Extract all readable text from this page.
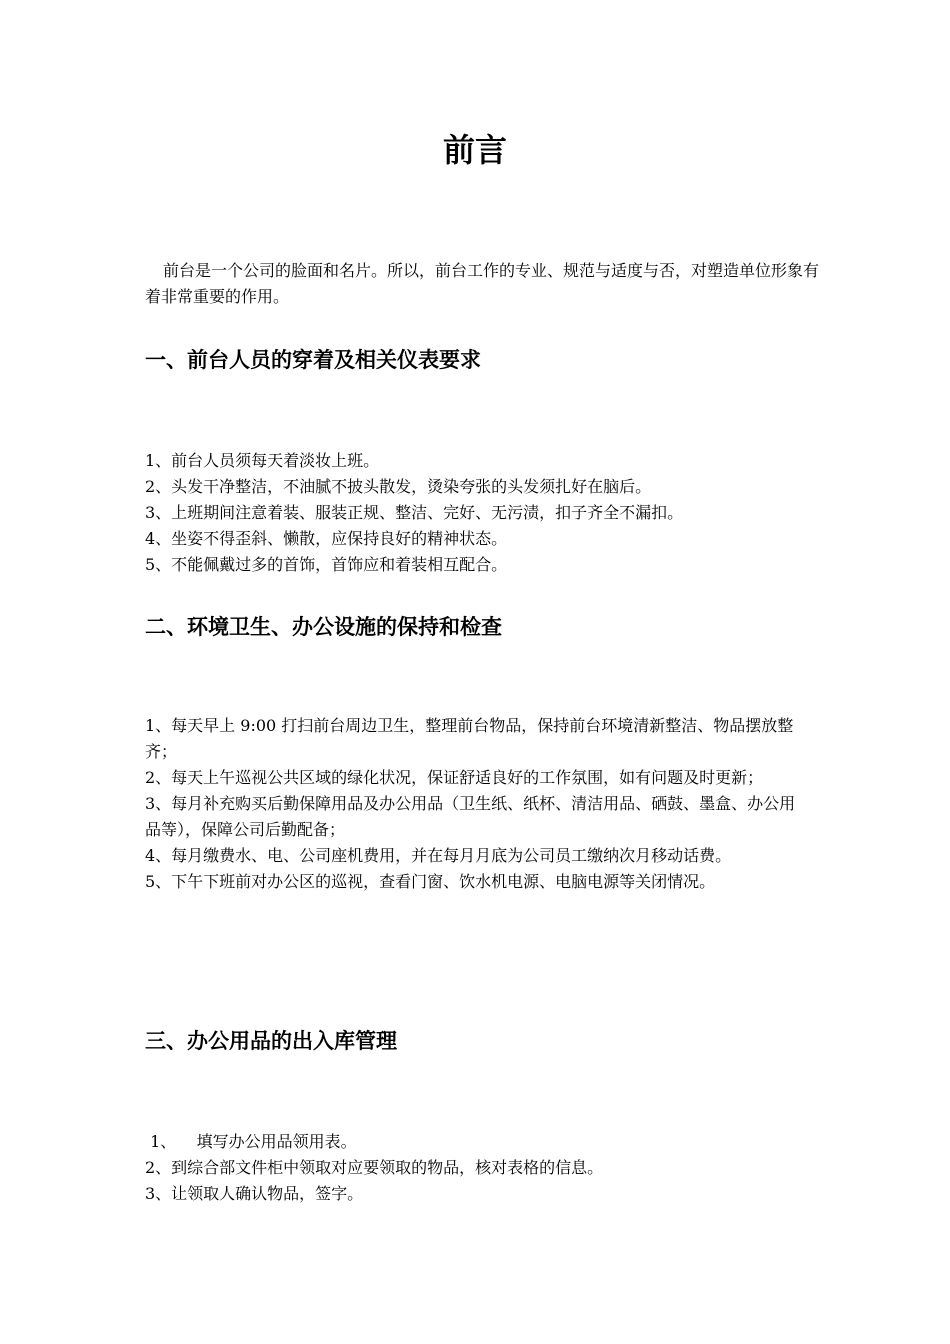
前言
前台是一个公司的脸面和名片。所以，前台工作的专业、规范与适度与否，对塑造单位形象有着非常重要的作用。
一、前台人员的穿着及相关仪表要求
1、前台人员须每天着淡妆上班。
2、头发干净整洁，不油腻不披头散发，烫染夸张的头发须扎好在脑后。
3、上班期间注意着装、服装正规、整洁、完好、无污渍，扣子齐全不漏扣。
4、坐姿不得歪斜、懒散，应保持良好的精神状态。
5、不能佩戴过多的首饰，首饰应和着装相互配合。
二、环境卫生、办公设施的保持和检查
1、每天早上 9:00 打扫前台周边卫生，整理前台物品，保持前台环境清新整洁、物品摆放整齐；
2、每天上午巡视公共区域的绿化状况，保证舒适良好的工作氛围，如有问题及时更新；
3、每月补充购买后勤保障用品及办公用品（卫生纸、纸杯、清洁用品、硒鼓、墨盒、办公用品等），保障公司后勤配备；
4、每月缴费水、电、公司座机费用，并在每月月底为公司员工缴纳次月移动话费。
5、下午下班前对办公区的巡视，查看门窗、饮水机电源、电脑电源等关闭情况。
三、办公用品的出入库管理
1、    填写办公用品领用表。
2、到综合部文件柜中领取对应要领取的物品，核对表格的信息。
3、让领取人确认物品，签字。
